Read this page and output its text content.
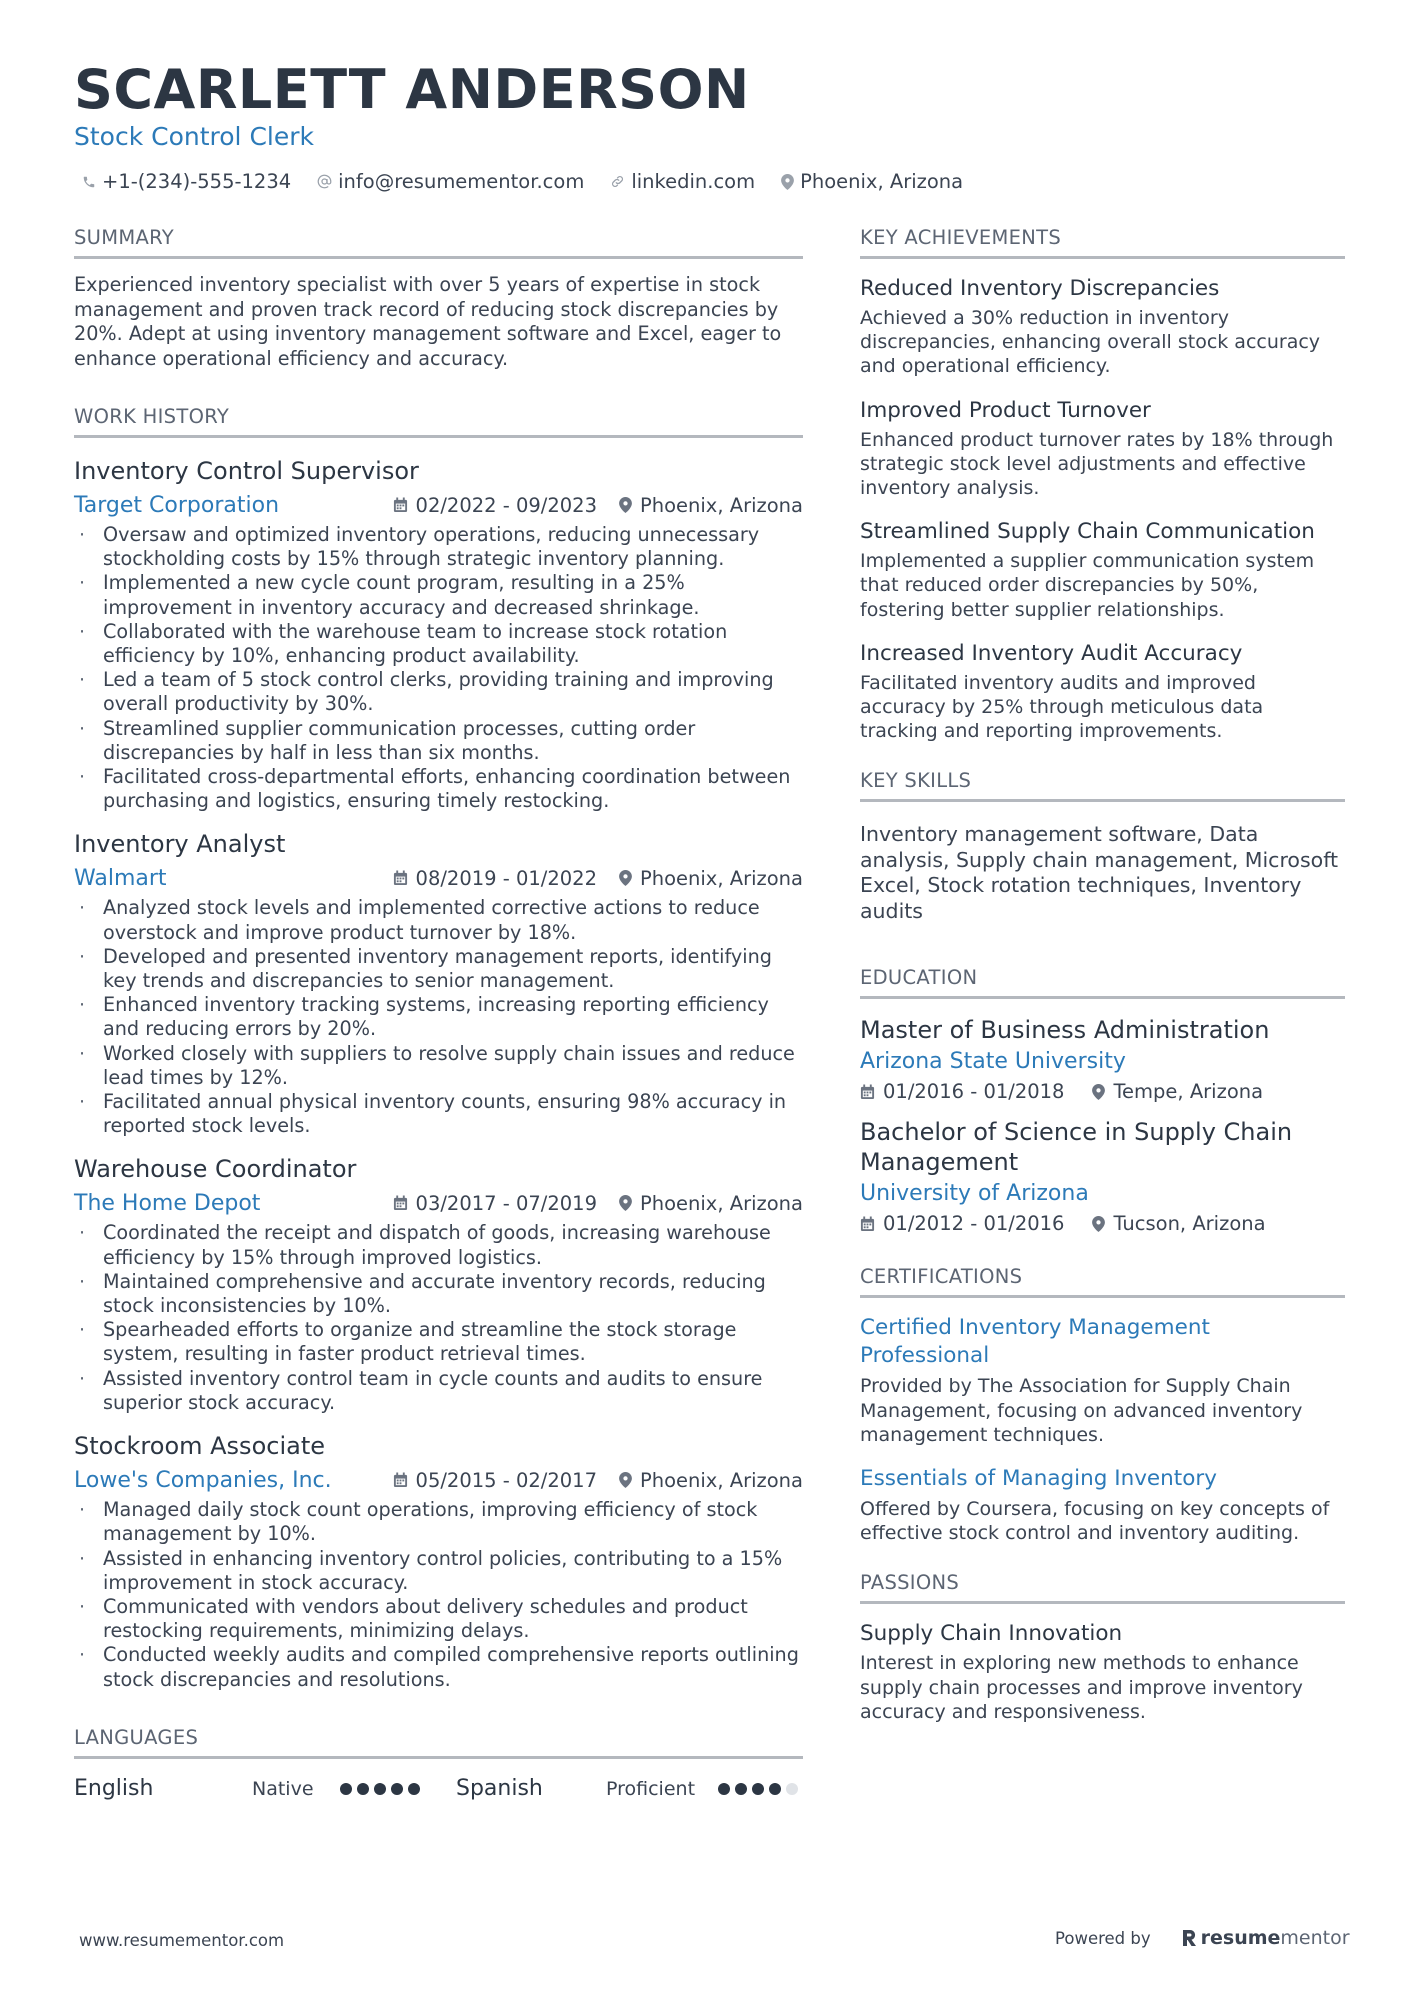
SCARLETT ANDERSON
Stock Control Clerk
+1-(234)-555-1234 info@resumementor.com linkedin.com Phoenix, Arizona
SUMMARY
Experienced inventory specialist with over 5 years of expertise in stock management and proven track record of reducing stock discrepancies by 20%. Adept at using inventory management software and Excel, eager to enhance operational efficiency and accuracy.
WORK HISTORY
Inventory Control Supervisor
Target Corporation	02/2022 - 09/2023 Phoenix, Arizona
· Oversaw and optimized inventory operations, reducing unnecessary stockholding costs by 15% through strategic inventory planning.
· Implemented a new cycle count program, resulting in a 25% improvement in inventory accuracy and decreased shrinkage.
· Collaborated with the warehouse team to increase stock rotation efficiency by 10%, enhancing product availability.
· Led a team of 5 stock control clerks, providing training and improving overall productivity by 30%.
· Streamlined supplier communication processes, cutting order discrepancies by half in less than six months.
· Facilitated cross-departmental efforts, enhancing coordination between purchasing and logistics, ensuring timely restocking.
Inventory Analyst
Walmart	08/2019 - 01/2022 Phoenix, Arizona
· Analyzed stock levels and implemented corrective actions to reduce overstock and improve product turnover by 18%.
· Developed and presented inventory management reports, identifying key trends and discrepancies to senior management.
· Enhanced inventory tracking systems, increasing reporting efficiency and reducing errors by 20%.
· Worked closely with suppliers to resolve supply chain issues and reduce lead times by 12%.
· Facilitated annual physical inventory counts, ensuring 98% accuracy in reported stock levels.
Warehouse Coordinator
The Home Depot	03/2017 - 07/2019 Phoenix, Arizona
· Coordinated the receipt and dispatch of goods, increasing warehouse efficiency by 15% through improved logistics.
· Maintained comprehensive and accurate inventory records, reducing stock inconsistencies by 10%.
· Spearheaded efforts to organize and streamline the stock storage system, resulting in faster product retrieval times.
· Assisted inventory control team in cycle counts and audits to ensure superior stock accuracy.
Stockroom Associate
Lowe's Companies, Inc.	05/2015 - 02/2017 Phoenix, Arizona
· Managed daily stock count operations, improving efficiency of stock management by 10%.
· Assisted in enhancing inventory control policies, contributing to a 15% improvement in stock accuracy.
· Communicated with vendors about delivery schedules and product restocking requirements, minimizing delays.
· Conducted weekly audits and compiled comprehensive reports outlining stock discrepancies and resolutions.
LANGUAGES
English	Native	Spanish	Proficient
KEY ACHIEVEMENTS
Reduced Inventory Discrepancies
Achieved a 30% reduction in inventory discrepancies, enhancing overall stock accuracy and operational efficiency.
Improved Product Turnover
Enhanced product turnover rates by 18% through strategic stock level adjustments and effective inventory analysis.
Streamlined Supply Chain Communication
Implemented a supplier communication system that reduced order discrepancies by 50%, fostering better supplier relationships.
Increased Inventory Audit Accuracy
Facilitated inventory audits and improved accuracy by 25% through meticulous data tracking and reporting improvements.
KEY SKILLS
Inventory management software, Data analysis, Supply chain management, Microsoft Excel, Stock rotation techniques, Inventory audits
EDUCATION
Master of Business Administration
Arizona State University
01/2016 - 01/2018	Tempe, Arizona
Bachelor of Science in Supply Chain Management
University of Arizona
01/2012 - 01/2016	Tucson, Arizona
CERTIFICATIONS
Certified Inventory Management Professional
Provided by The Association for Supply Chain Management, focusing on advanced inventory management techniques.
Essentials of Managing Inventory
Offered by Coursera, focusing on key concepts of effective stock control and inventory auditing.
PASSIONS
Supply Chain Innovation
Interest in exploring new methods to enhance supply chain processes and improve inventory accuracy and responsiveness.
www.resumementor.com	Powered by	resume mentor
